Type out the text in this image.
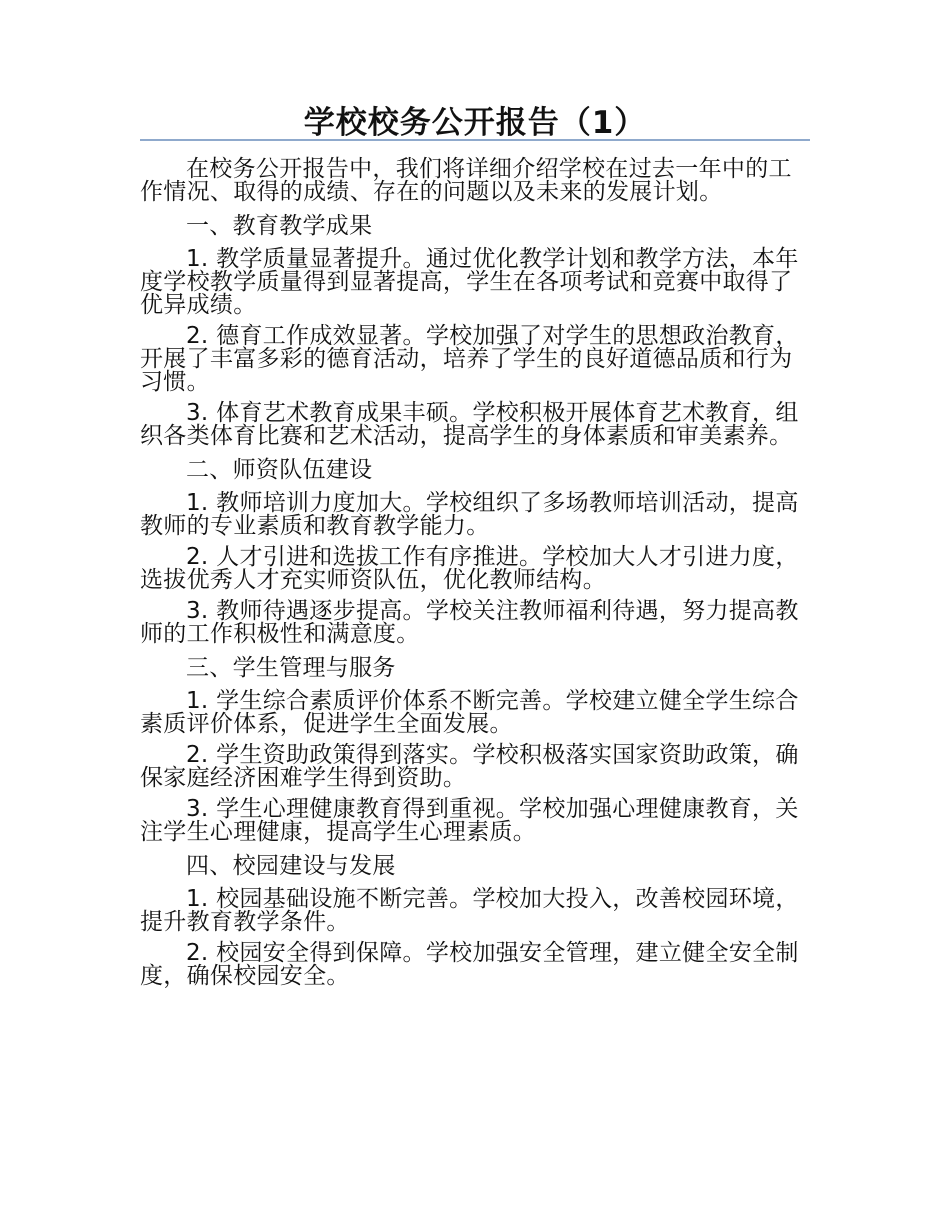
学校校务公开报告（1）

在校务公开报告中，我们将详细介绍学校在过去一年中的工作情况、取得的成绩、存在的问题以及未来的发展计划。

一、教育教学成果

1. 教学质量显著提升。通过优化教学计划和教学方法，本年度学校教学质量得到显著提高，学生在各项考试和竞赛中取得了优异成绩。

2. 德育工作成效显著。学校加强了对学生的思想政治教育，开展了丰富多彩的德育活动，培养了学生的良好道德品质和行为习惯。

3. 体育艺术教育成果丰硕。学校积极开展体育艺术教育，组织各类体育比赛和艺术活动，提高学生的身体素质和审美素养。

二、师资队伍建设

1. 教师培训力度加大。学校组织了多场教师培训活动，提高教师的专业素质和教育教学能力。

2. 人才引进和选拔工作有序推进。学校加大人才引进力度，选拔优秀人才充实师资队伍，优化教师结构。

3. 教师待遇逐步提高。学校关注教师福利待遇，努力提高教师的工作积极性和满意度。

三、学生管理与服务

1. 学生综合素质评价体系不断完善。学校建立健全学生综合素质评价体系，促进学生全面发展。

2. 学生资助政策得到落实。学校积极落实国家资助政策，确保家庭经济困难学生得到资助。

3. 学生心理健康教育得到重视。学校加强心理健康教育，关注学生心理健康，提高学生心理素质。

四、校园建设与发展

1. 校园基础设施不断完善。学校加大投入，改善校园环境，提升教育教学条件。

2. 校园安全得到保障。学校加强安全管理，建立健全安全制度，确保校园安全。
